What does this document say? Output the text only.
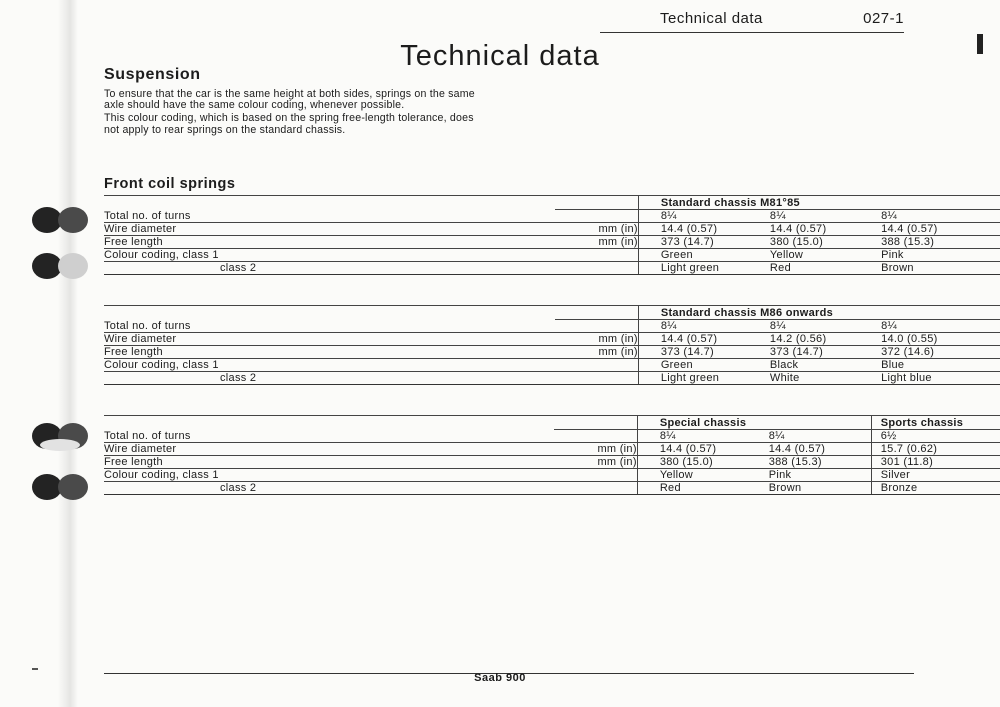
Technical data	027-1
Technical data
Suspension

To ensure that the car is the same height at both sides, springs on the same axle should have the same colour coding, whenever possible.

This colour coding, which is based on the spring free-length tolerance, does not apply to rear springs on the standard chassis.

Front coil springs
		Standard chassis M81°85		
Total no. of turns		8¼	8¼	8¼
Wire diameter	mm (in)	14.4 (0.57)	14.4 (0.57)	14.4 (0.57)
Free length	mm (in)	373 (14.7)	380 (15.0)	388 (15.3)
Colour coding, class 1		Green	Yellow	Pink
class 2		Light green	Red	Brown
		Standard chassis M86 onwards		
Total no. of turns		8¼	8¼	8¼
Wire diameter	mm (in)	14.4 (0.57)	14.2 (0.56)	14.0 (0.55)
Free length	mm (in)	373 (14.7)	373 (14.7)	372 (14.6)
Colour coding, class 1		Green	Black	Blue
class 2		Light green	White	Light blue
		Special chassis		Sports chassis
Total no. of turns		8¼	8¼	6½
Wire diameter	mm (in)	14.4 (0.57)	14.4 (0.57)	15.7 (0.62)
Free length	mm (in)	380 (15.0)	388 (15.3)	301 (11.8)
Colour coding, class 1		Yellow	Pink	Silver
class 2		Red	Brown	Bronze
Saab 900
